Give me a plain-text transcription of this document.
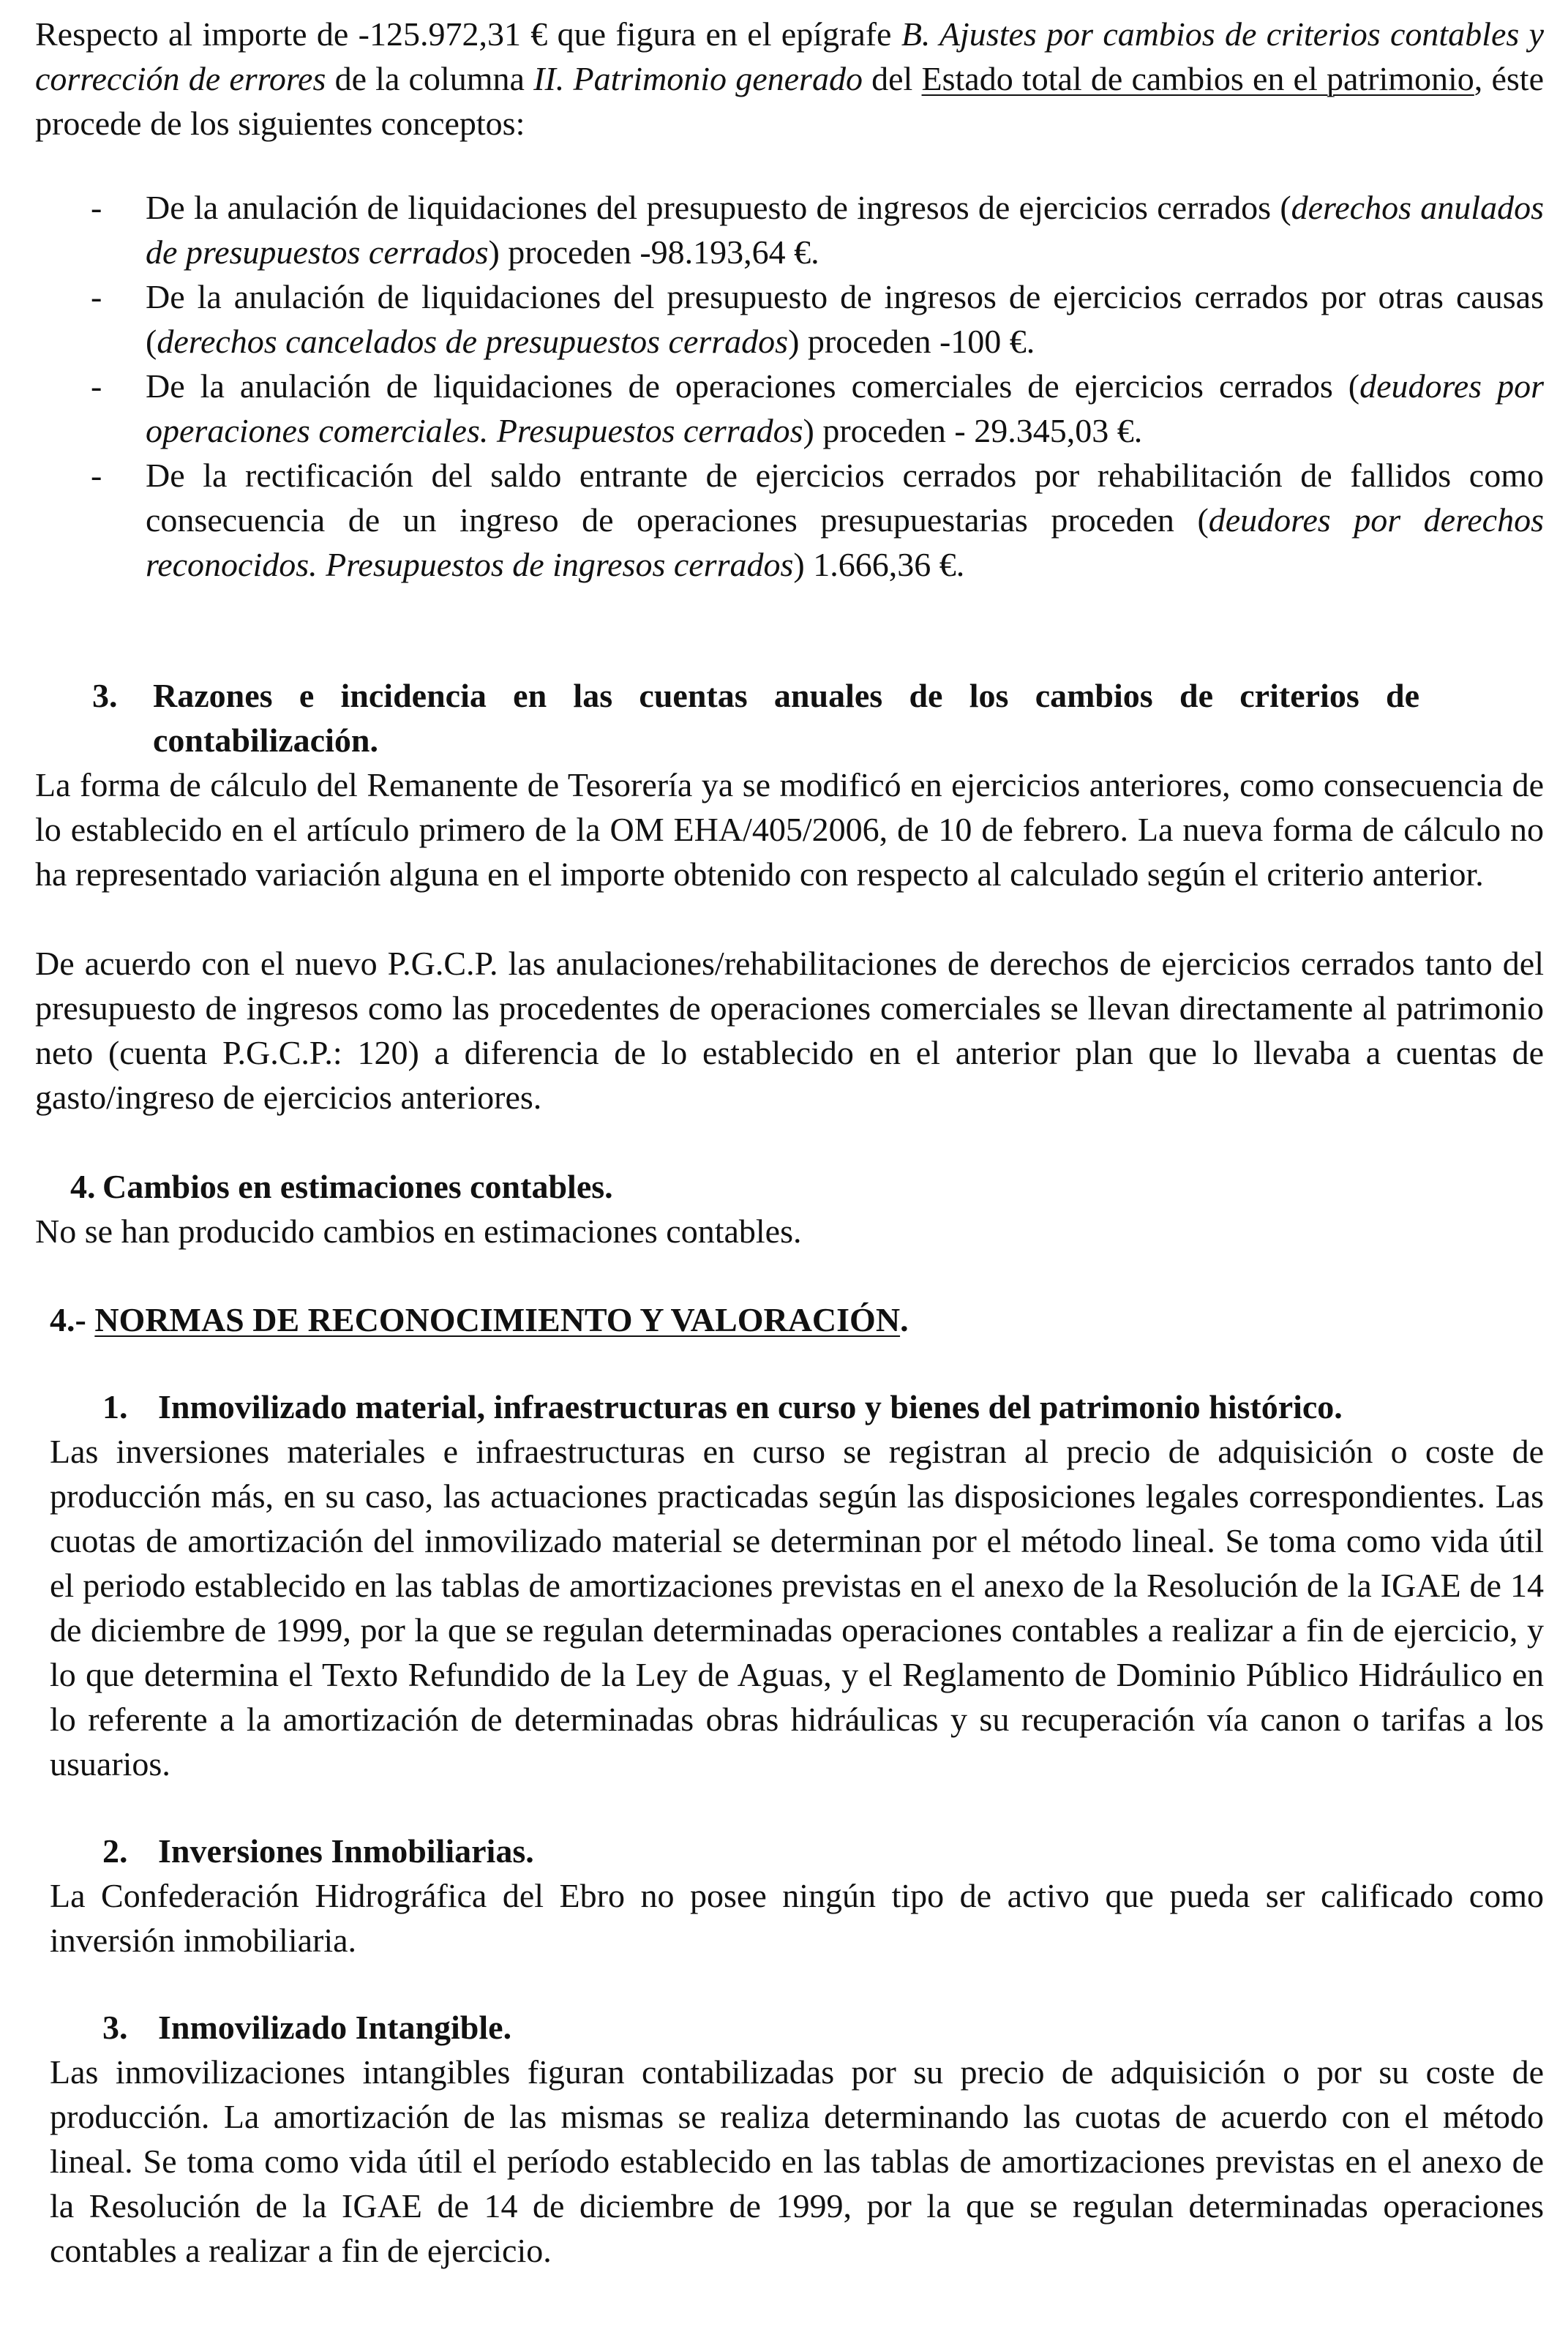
Respecto al importe de -125.972,31 € que figura en el epígrafe B. Ajustes por cambios de criterios contables y corrección de errores de la columna II. Patrimonio generado del Estado total de cambios en el patrimonio, éste procede de los siguientes conceptos:

- De la anulación de liquidaciones del presupuesto de ingresos de ejercicios cerrados (derechos anulados de presupuestos cerrados) proceden -98.193,64 €.
- De la anulación de liquidaciones del presupuesto de ingresos de ejercicios cerrados por otras causas (derechos cancelados de presupuestos cerrados) proceden -100 €.
- De la anulación de liquidaciones de operaciones comerciales de ejercicios cerrados (deudores por operaciones comerciales. Presupuestos cerrados) proceden - 29.345,03 €.
- De la rectificación del saldo entrante de ejercicios cerrados por rehabilitación de fallidos como consecuencia de un ingreso de operaciones presupuestarias proceden (deudores por derechos reconocidos. Presupuestos de ingresos cerrados) 1.666,36 €.
3. Razones e incidencia en las cuentas anuales de los cambios de criterios de contabilización.

La forma de cálculo del Remanente de Tesorería ya se modificó en ejercicios anteriores, como consecuencia de lo establecido en el artículo primero de la OM EHA/405/2006, de 10 de febrero. La nueva forma de cálculo no ha representado variación alguna en el importe obtenido con respecto al calculado según el criterio anterior.

De acuerdo con el nuevo P.G.C.P. las anulaciones/rehabilitaciones de derechos de ejercicios cerrados tanto del presupuesto de ingresos como las procedentes de operaciones comerciales se llevan directamente al patrimonio neto (cuenta P.G.C.P.: 120) a diferencia de lo establecido en el anterior plan que lo llevaba a cuentas de gasto/ingreso de ejercicios anteriores.

4. Cambios en estimaciones contables.

No se han producido cambios en estimaciones contables.

4.- NORMAS DE RECONOCIMIENTO Y VALORACIÓN.
1. Inmovilizado material, infraestructuras en curso y bienes del patrimonio histórico.

Las inversiones materiales e infraestructuras en curso se registran al precio de adquisición o coste de producción más, en su caso, las actuaciones practicadas según las disposiciones legales correspondientes. Las cuotas de amortización del inmovilizado material se determinan por el método lineal. Se toma como vida útil el periodo establecido en las tablas de amortizaciones previstas en el anexo de la Resolución de la IGAE de 14 de diciembre de 1999, por la que se regulan determinadas operaciones contables a realizar a fin de ejercicio, y lo que determina el Texto Refundido de la Ley de Aguas, y el Reglamento de Dominio Público Hidráulico en lo referente a la amortización de determinadas obras hidráulicas y su recuperación vía canon o tarifas a los usuarios.

2. Inversiones Inmobiliarias.

La Confederación Hidrográfica del Ebro no posee ningún tipo de activo que pueda ser calificado como inversión inmobiliaria.

3. Inmovilizado Intangible.

Las inmovilizaciones intangibles figuran contabilizadas por su precio de adquisición o por su coste de producción. La amortización de las mismas se realiza determinando las cuotas de acuerdo con el método lineal. Se toma como vida útil el período establecido en las tablas de amortizaciones previstas en el anexo de la Resolución de la IGAE de 14 de diciembre de 1999, por la que se regulan determinadas operaciones contables a realizar a fin de ejercicio.
